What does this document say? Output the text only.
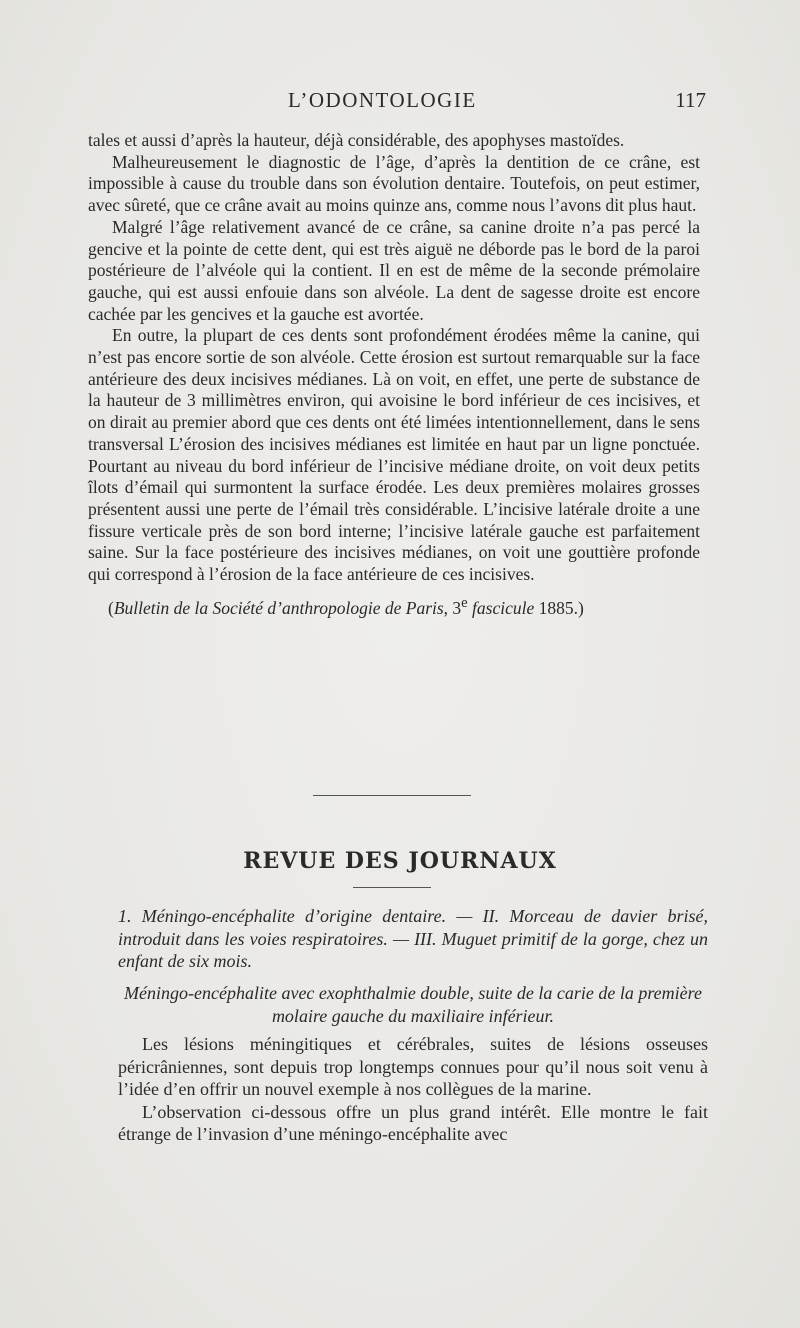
L’ODONTOLOGIE	117

tales et aussi d’après la hauteur, déjà considérable, des apophyses mastoïdes.

Malheureusement le diagnostic de l’âge, d’après la dentition de ce crâne, est impossible à cause du trouble dans son évolution dentaire. Toutefois, on peut estimer, avec sûreté, que ce crâne avait au moins quinze ans, comme nous l’avons dit plus haut.

Malgré l’âge relativement avancé de ce crâne, sa canine droite n’a pas percé la gencive et la pointe de cette dent, qui est très aiguë ne déborde pas le bord de la paroi postérieure de l’alvéole qui la contient. Il en est de même de la seconde prémolaire gauche, qui est aussi enfouie dans son alvéole. La dent de sagesse droite est encore cachée par les gencives et la gauche est avortée.

En outre, la plupart de ces dents sont profondément érodées même la canine, qui n’est pas encore sortie de son alvéole. Cette érosion est surtout remarquable sur la face antérieure des deux incisives médianes. Là on voit, en effet, une perte de substance de la hauteur de 3 millimètres environ, qui avoisine le bord inférieur de ces incisives, et on dirait au premier abord que ces dents ont été limées intentionnellement, dans le sens transversal L’érosion des incisives médianes est limitée en haut par un ligne ponctuée. Pourtant au niveau du bord inférieur de l’incisive médiane droite, on voit deux petits îlots d’émail qui surmontent la surface érodée. Les deux premières molaires grosses présentent aussi une perte de l’émail très considérable. L’incisive latérale droite a une fissure verticale près de son bord interne; l’incisive latérale gauche est parfaitement saine. Sur la face postérieure des incisives médianes, on voit une gouttière profonde qui correspond à l’érosion de la face antérieure de ces incisives.

(Bulletin de la Société d’anthropologie de Paris, 3e fascicule 1885.)

REVUE DES JOURNAUX
1. Méningo-encéphalite d’origine dentaire. — II. Morceau de davier brisé, introduit dans les voies respiratoires. — III. Muguet primitif de la gorge, chez un enfant de six mois.
Méningo-encéphalite avec exophthalmie double, suite de la carie de la première molaire gauche du maxiliaire inférieur.

Les lésions méningitiques et cérébrales, suites de lésions osseuses péricrâniennes, sont depuis trop longtemps connues pour qu’il nous soit venu à l’idée d’en offrir un nouvel exemple à nos collègues de la marine.

L’observation ci-dessous offre un plus grand intérêt. Elle montre le fait étrange de l’invasion d’une méningo-encéphalite avec
